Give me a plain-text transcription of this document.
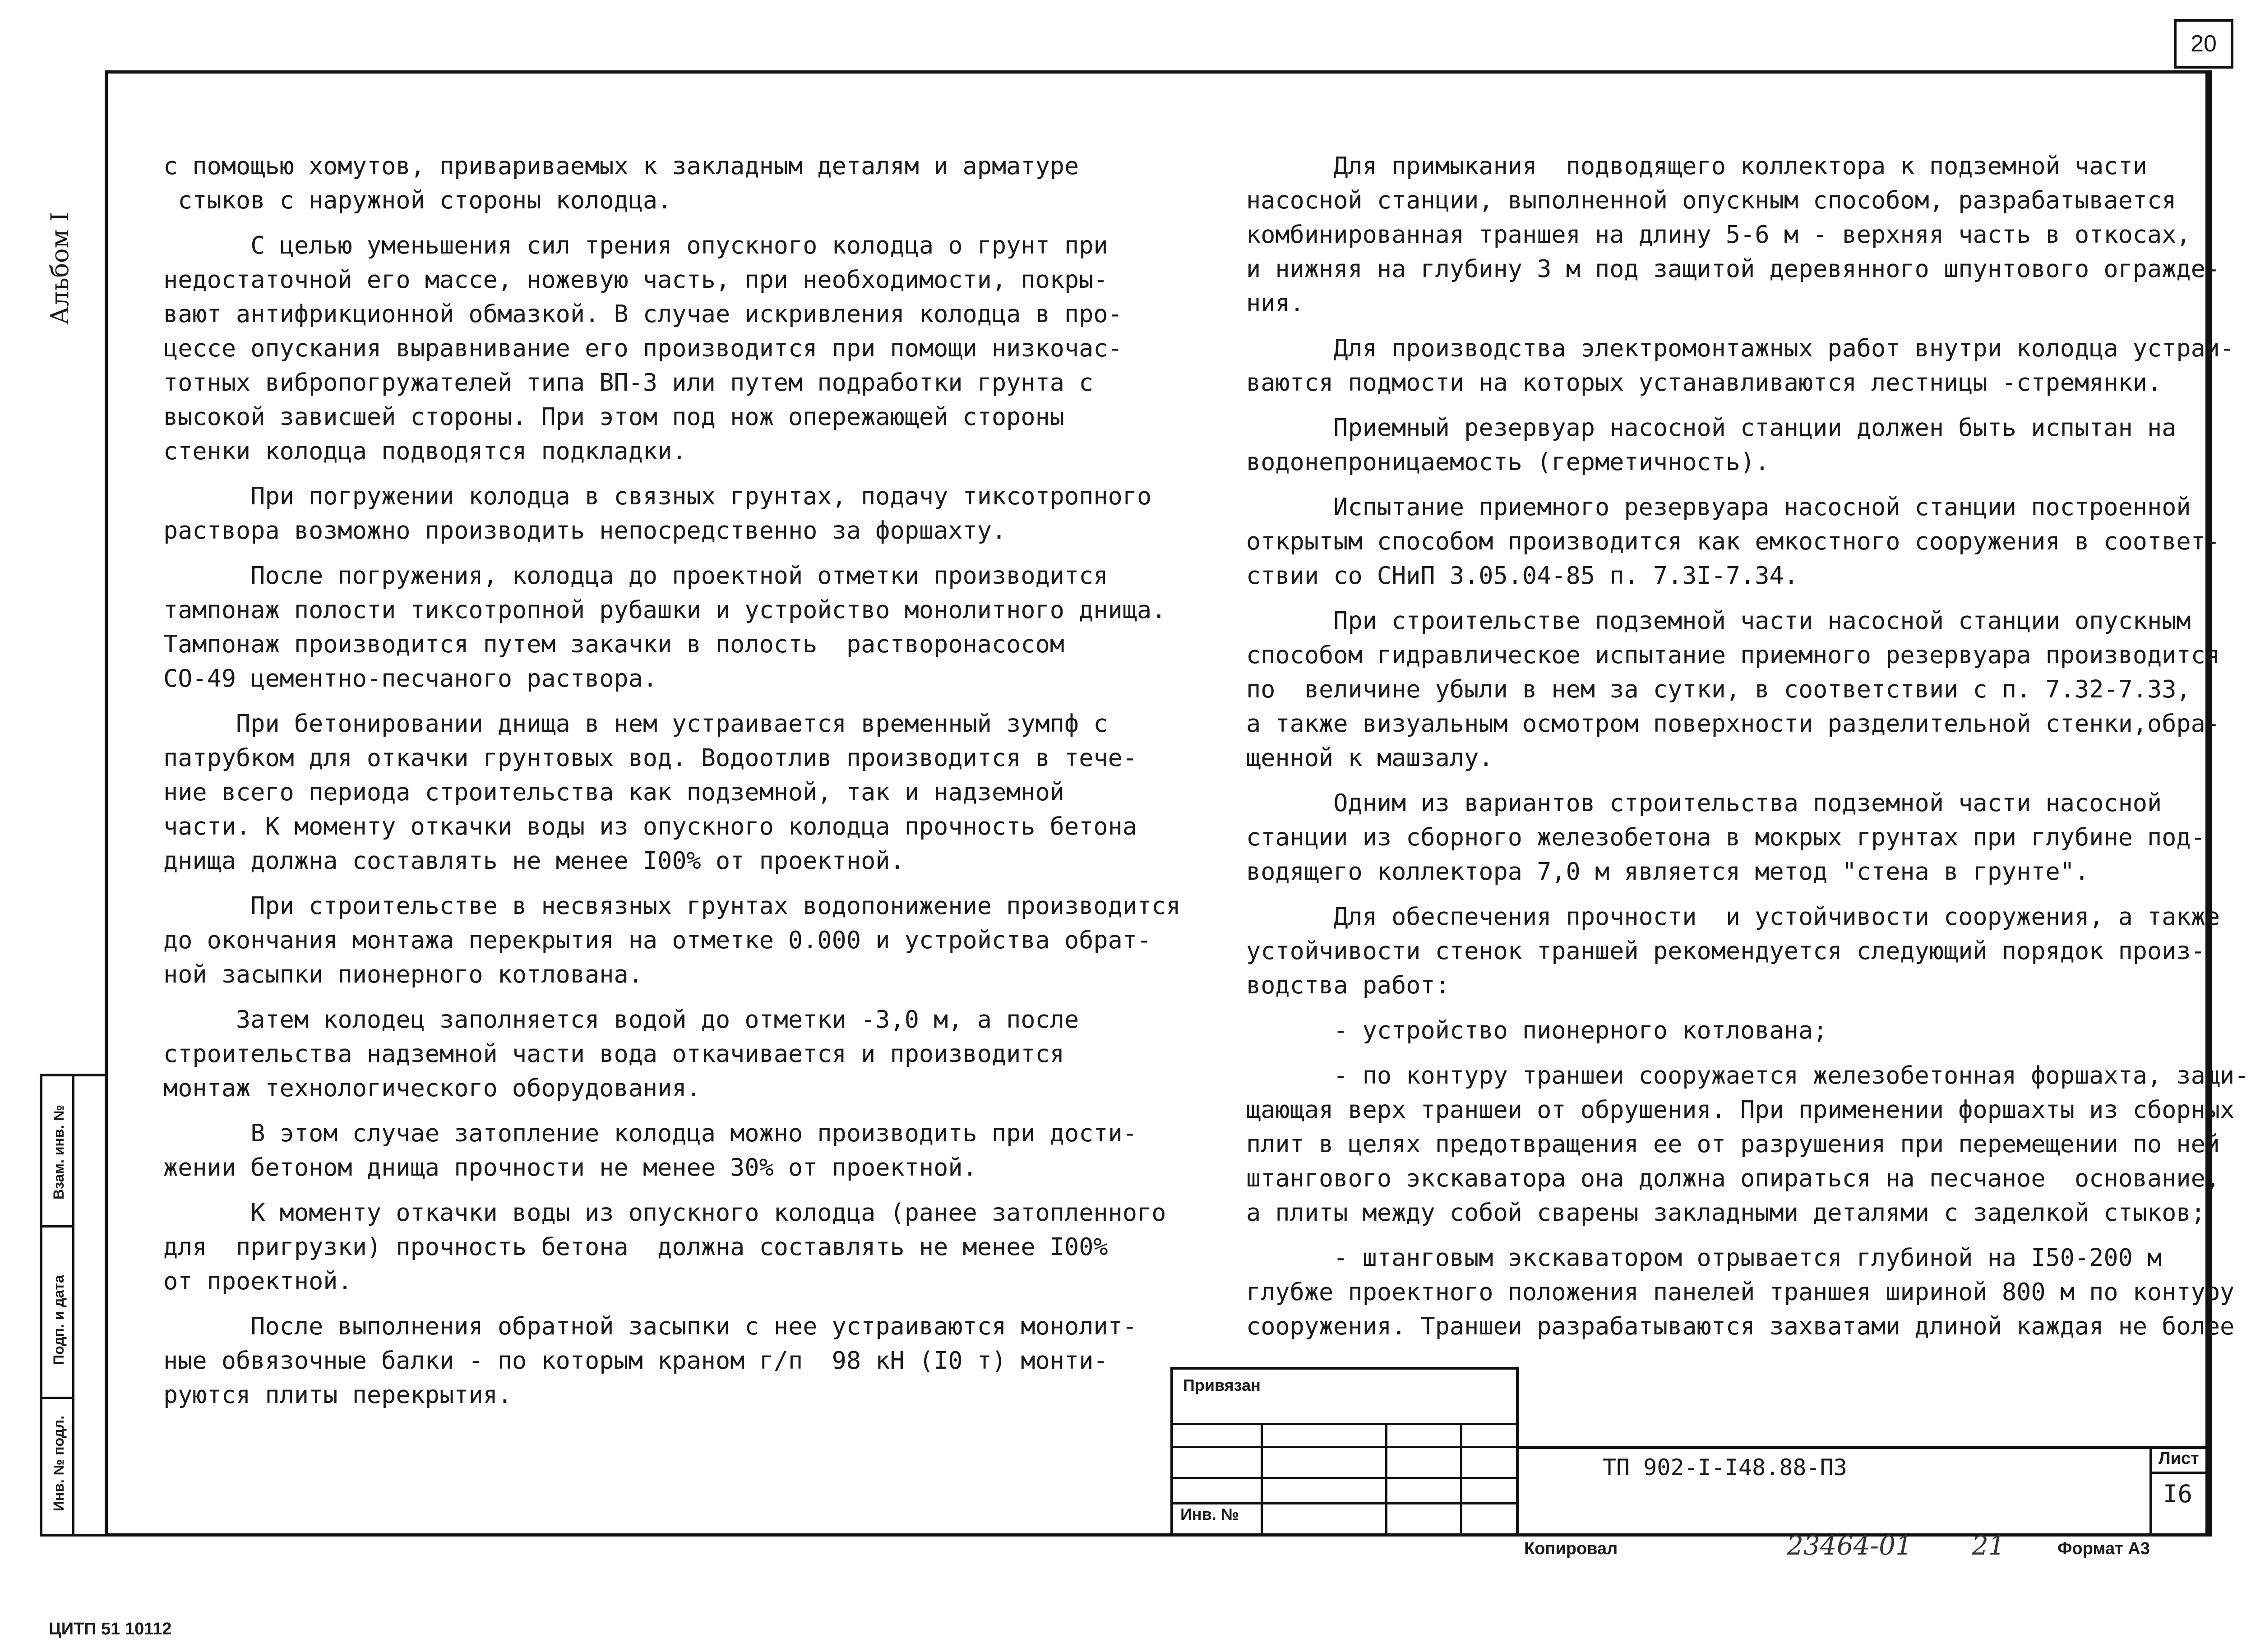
20
Альбом I
Взам. инв. №
Подп. и дата
Инв. № подл.

с помощью хомутов, привариваемых к закладным деталям и арматуре
стыков с наружной стороны колодца.

С целью уменьшения сил трения опускного колодца о грунт при
недостаточной его массе, ножевую часть, при необходимости, покры-
вают антифрикционной обмазкой. В случае искривления колодца в про-
цессе опускания выравнивание его производится при помощи низкочас-
тотных вибропогружателей типа ВП-3 или путем подработки грунта с
высокой зависшей стороны. При этом под нож опережающей стороны
стенки колодца подводятся подкладки.

При погружении колодца в связных грунтах, подачу тиксотропного
раствора возможно производить непосредственно за форшахту.

После погружения, колодца до проектной отметки производится
тампонаж полости тиксотропной рубашки и устройство монолитного днища.
Тампонаж производится путем закачки в полость  растворонасосом
СО-49 цементно-песчаного раствора.

При бетонировании днища в нем устраивается временный зумпф с
патрубком для откачки грунтовых вод. Водоотлив производится в тече-
ние всего периода строительства как подземной, так и надземной
части. К моменту откачки воды из опускного колодца прочность бетона
днища должна составлять не менее I00% от проектной.

При строительстве в несвязных грунтах водопонижение производится
до окончания монтажа перекрытия на отметке 0.000 и устройства обрат-
ной засыпки пионерного котлована.

Затем колодец заполняется водой до отметки -3,0 м, а после
строительства надземной части вода откачивается и производится
монтаж технологического оборудования.

В этом случае затопление колодца можно производить при дости-
жении бетоном днища прочности не менее 30% от проектной.

К моменту откачки воды из опускного колодца (ранее затопленного
для  пригрузки) прочность бетона  должна составлять не менее I00%
от проектной.

После выполнения обратной засыпки с нее устраиваются монолит-
ные обвязочные балки - по которым краном г/п  98 кН (I0 т) монти-
руются плиты перекрытия.

Для примыкания  подводящего коллектора к подземной части
насосной станции, выполненной опускным способом, разрабатывается
комбинированная траншея на длину 5-6 м - верхняя часть в откосах,
и нижняя на глубину 3 м под защитой деревянного шпунтового огражде-
ния.

Для производства электромонтажных работ внутри колодца устраи-
ваются подмости на которых устанавливаются лестницы -стремянки.

Приемный резервуар насосной станции должен быть испытан на
водонепроницаемость (герметичность).

Испытание приемного резервуара насосной станции построенной
открытым способом производится как емкостного сооружения в соответ-
ствии со СНиП 3.05.04-85 п. 7.3I-7.34.

При строительстве подземной части насосной станции опускным
способом гидравлическое испытание приемного резервуара производится
по  величине убыли в нем за сутки, в соответствии с п. 7.32-7.33,
а также визуальным осмотром поверхности разделительной стенки,обра-
щенной к машзалу.

Одним из вариантов строительства подземной части насосной
станции из сборного железобетона в мокрых грунтах при глубине под-
водящего коллектора 7,0 м является метод "стена в грунте".

Для обеспечения прочности  и устойчивости сооружения, а также
устойчивости стенок траншей рекомендуется следующий порядок произ-
водства работ:

- устройство пионерного котлована;

- по контуру траншеи сооружается железобетонная форшахта, защи-
щающая верх траншеи от обрушения. При применении форшахты из сборных
плит в целях предотвращения ее от разрушения при перемещении по ней
штангового экскаватора она должна опираться на песчаное  основание,
а плиты между собой сварены закладными деталями с заделкой стыков;

- штанговым экскаватором отрывается глубиной на I50-200 м
глубже проектного положения панелей траншея шириной 800 м по контуру
сооружения. Траншеи разрабатываются захватами длиной каждая не более

Привязан
Инв. №
ТП 902-I-I48.88-ПЗ	Лист
I6
Копировал	23464-01 21	Формат А3
ЦИТП 51 10112
